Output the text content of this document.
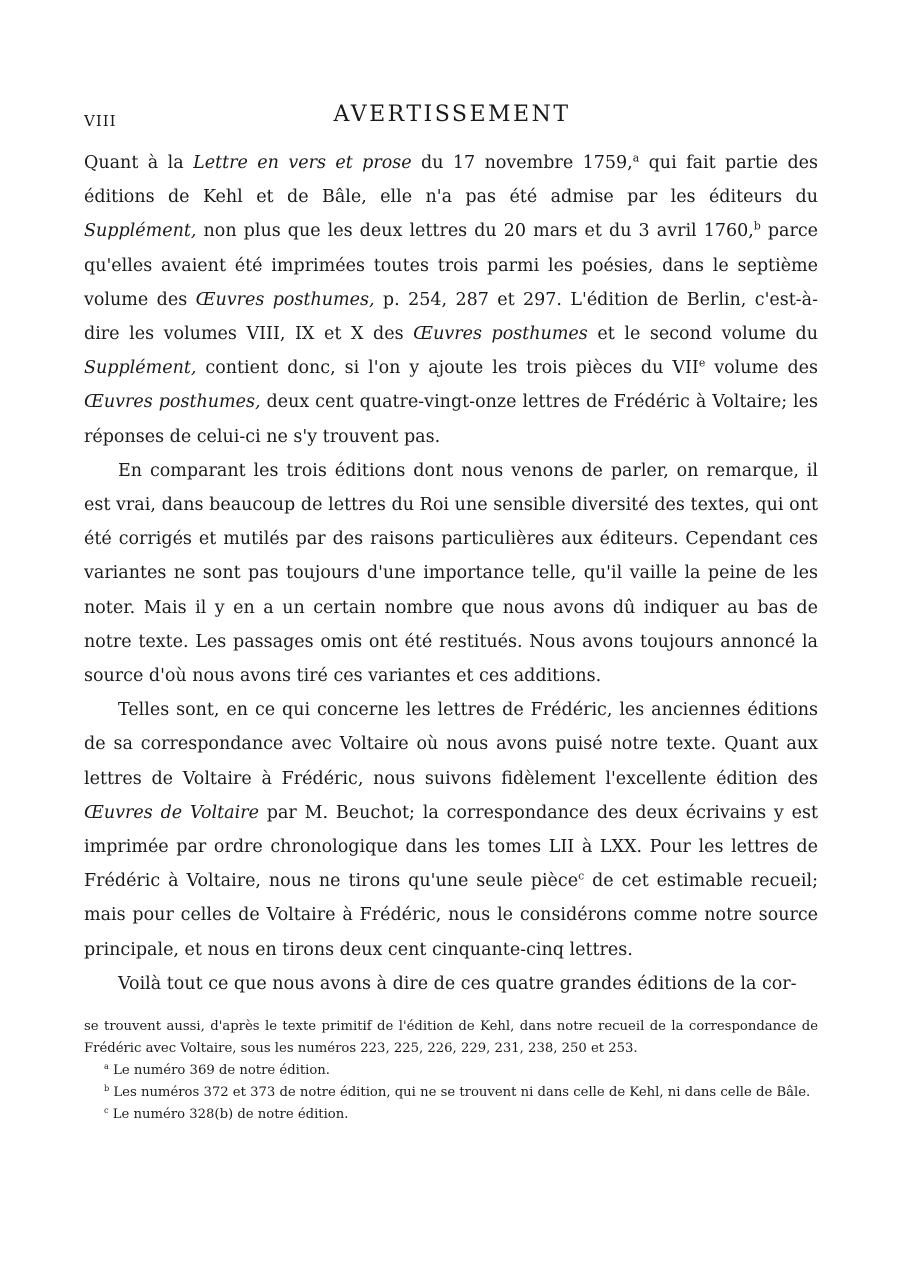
VIII	AVERTISSEMENT

Quant à la Lettre en vers et prose du 17 novembre 1759,$^a$ qui fait partie des éditions de Kehl et de Bâle, elle n'a pas été admise par les éditeurs du Supplément, non plus que les deux lettres du 20 mars et du 3 avril 1760,$^b$ parce qu'elles avaient été imprimées toutes trois parmi les poésies, dans le septième volume des Œuvres posthumes, p. 254, 287 et 297. L'édition de Berlin, c'est-à-dire les volumes VIII, IX et X des Œuvres posthumes et le second volume du Supplément, contient donc, si l'on y ajoute les trois pièces du VIIe volume des Œuvres posthumes, deux cent quatre-vingt-onze lettres de Frédéric à Voltaire; les réponses de celui-ci ne s'y trouvent pas.

En comparant les trois éditions dont nous venons de parler, on remarque, il est vrai, dans beaucoup de lettres du Roi une sensible diversité des textes, qui ont été corrigés et mutilés par des raisons particulières aux éditeurs. Cependant ces variantes ne sont pas toujours d'une importance telle, qu'il vaille la peine de les noter. Mais il y en a un certain nombre que nous avons dû indiquer au bas de notre texte. Les passages omis ont été restitués. Nous avons toujours annoncé la source d'où nous avons tiré ces variantes et ces additions.

Telles sont, en ce qui concerne les lettres de Frédéric, les anciennes éditions de sa correspondance avec Voltaire où nous avons puisé notre texte. Quant aux lettres de Voltaire à Frédéric, nous suivons fidèlement l'excellente édition des Œuvres de Voltaire par M. Beuchot; la correspondance des deux écrivains y est imprimée par ordre chronologique dans les tomes LII à LXX. Pour les lettres de Frédéric à Voltaire, nous ne tirons qu'une seule pièce$^c$ de cet estimable recueil; mais pour celles de Voltaire à Frédéric, nous le considérons comme notre source principale, et nous en tirons deux cent cinquante-cinq lettres.

Voilà tout ce que nous avons à dire de ces quatre grandes éditions de la cor-

se trouvent aussi, d'après le texte primitif de l'édition de Kehl, dans notre recueil de la correspondance de Frédéric avec Voltaire, sous les numéros 223, 225, 226, 229, 231, 238, 250 et 253.

$^a$ Le numéro 369 de notre édition.

$^b$ Les numéros 372 et 373 de notre édition, qui ne se trouvent ni dans celle de Kehl, ni dans celle de Bâle.

$^c$ Le numéro 328(b) de notre édition.
